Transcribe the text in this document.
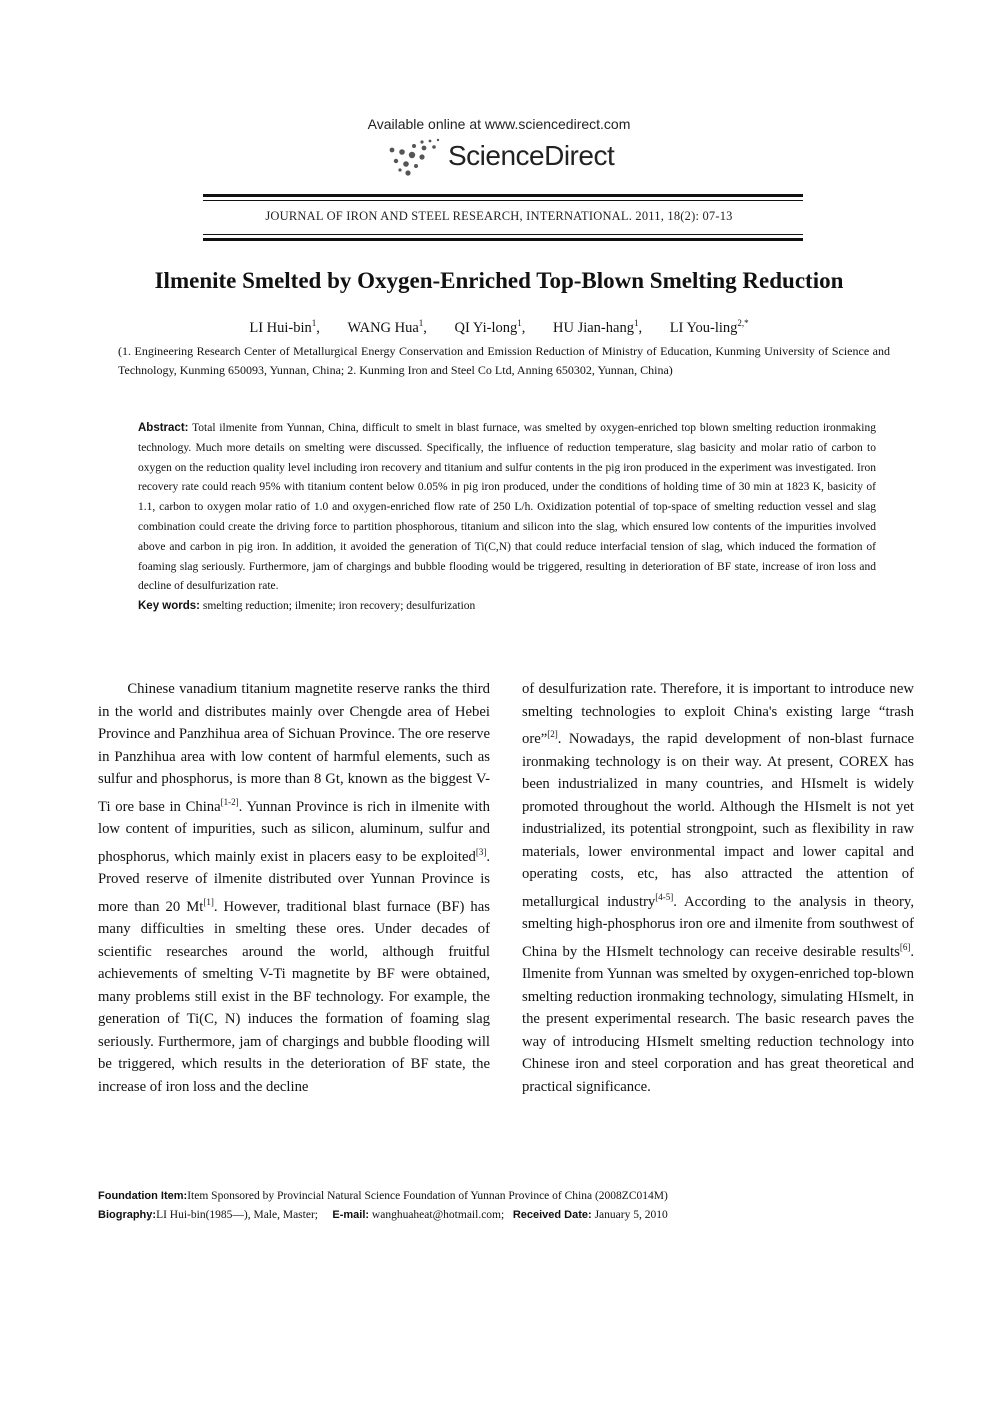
Available online at www.sciencedirect.com
ScienceDirect
JOURNAL OF IRON AND STEEL RESEARCH, INTERNATIONAL. 2011, 18(2): 07-13
Ilmenite Smelted by Oxygen-Enriched Top-Blown Smelting Reduction
LI Hui-bin$^1$, WANG Hua$^1$, QI Yi-long$^1$, HU Jian-hang$^1$, LI You-ling$^{2,*}$
(1. Engineering Research Center of Metallurgical Energy Conservation and Emission Reduction of Ministry of Education, Kunming University of Science and Technology, Kunming 650093, Yunnan, China; 2. Kunming Iron and Steel Co Ltd, Anning 650302, Yunnan, China)
Abstract: Total ilmenite from Yunnan, China, difficult to smelt in blast furnace, was smelted by oxygen-enriched top blown smelting reduction ironmaking technology. Much more details on smelting were discussed. Specifically, the influence of reduction temperature, slag basicity and molar ratio of carbon to oxygen on the reduction quality level including iron recovery and titanium and sulfur contents in the pig iron produced in the experiment was investigated. Iron recovery rate could reach 95% with titanium content below 0.05% in pig iron produced, under the conditions of holding time of 30 min at 1823 K, basicity of 1.1, carbon to oxygen molar ratio of 1.0 and oxygen-enriched flow rate of 250 L/h. Oxidization potential of top-space of smelting reduction vessel and slag combination could create the driving force to partition phosphorous, titanium and silicon into the slag, which ensured low contents of the impurities involved above and carbon in pig iron. In addition, it avoided the generation of Ti(C,N) that could reduce interfacial tension of slag, which induced the formation of foaming slag seriously. Furthermore, jam of chargings and bubble flooding would be triggered, resulting in deterioration of BF state, increase of iron loss and decline of desulfurization rate.
Key words: smelting reduction; ilmenite; iron recovery; desulfurization

Chinese vanadium titanium magnetite reserve ranks the third in the world and distributes mainly over Chengde area of Hebei Province and Panzhihua area of Sichuan Province. The ore reserve in Panzhihua area with low content of harmful elements, such as sulfur and phosphorus, is more than 8 Gt, known as the biggest V-Ti ore base in China[1-2]. Yunnan Province is rich in ilmenite with low content of impurities, such as silicon, aluminum, sulfur and phosphorus, which mainly exist in placers easy to be exploited[3]. Proved reserve of ilmenite distributed over Yunnan Province is more than 20 Mt[1]. However, traditional blast furnace (BF) has many difficulties in smelting these ores. Under decades of scientific researches around the world, although fruitful achievements of smelting V-Ti magnetite by BF were obtained, many problems still exist in the BF technology. For example, the generation of Ti(C, N) induces the formation of foaming slag seriously. Furthermore, jam of chargings and bubble flooding will be triggered, which results in the deterioration of BF state, the increase of iron loss and the decline

of desulfurization rate. Therefore, it is important to introduce new smelting technologies to exploit China's existing large “trash ore”[2]. Nowadays, the rapid development of non-blast furnace ironmaking technology is on their way. At present, COREX has been industrialized in many countries, and HIsmelt is widely promoted throughout the world. Although the HIsmelt is not yet industrialized, its potential strongpoint, such as flexibility in raw materials, lower environmental impact and lower capital and operating costs, etc, has also attracted the attention of metallurgical industry[4-5]. According to the analysis in theory, smelting high-phosphorus iron ore and ilmenite from southwest of China by the HIsmelt technology can receive desirable results[6]. Ilmenite from Yunnan was smelted by oxygen-enriched top-blown smelting reduction ironmaking technology, simulating HIsmelt, in the present experimental research. The basic research paves the way of introducing HIsmelt smelting reduction technology into Chinese iron and steel corporation and has great theoretical and practical significance.

Foundation Item:Item Sponsored by Provincial Natural Science Foundation of Yunnan Province of China (2008ZC014M)
Biography:LI Hui-bin(1985—), Male, Master; E-mail: wanghuaheat@hotmail.com; Received Date: January 5, 2010
